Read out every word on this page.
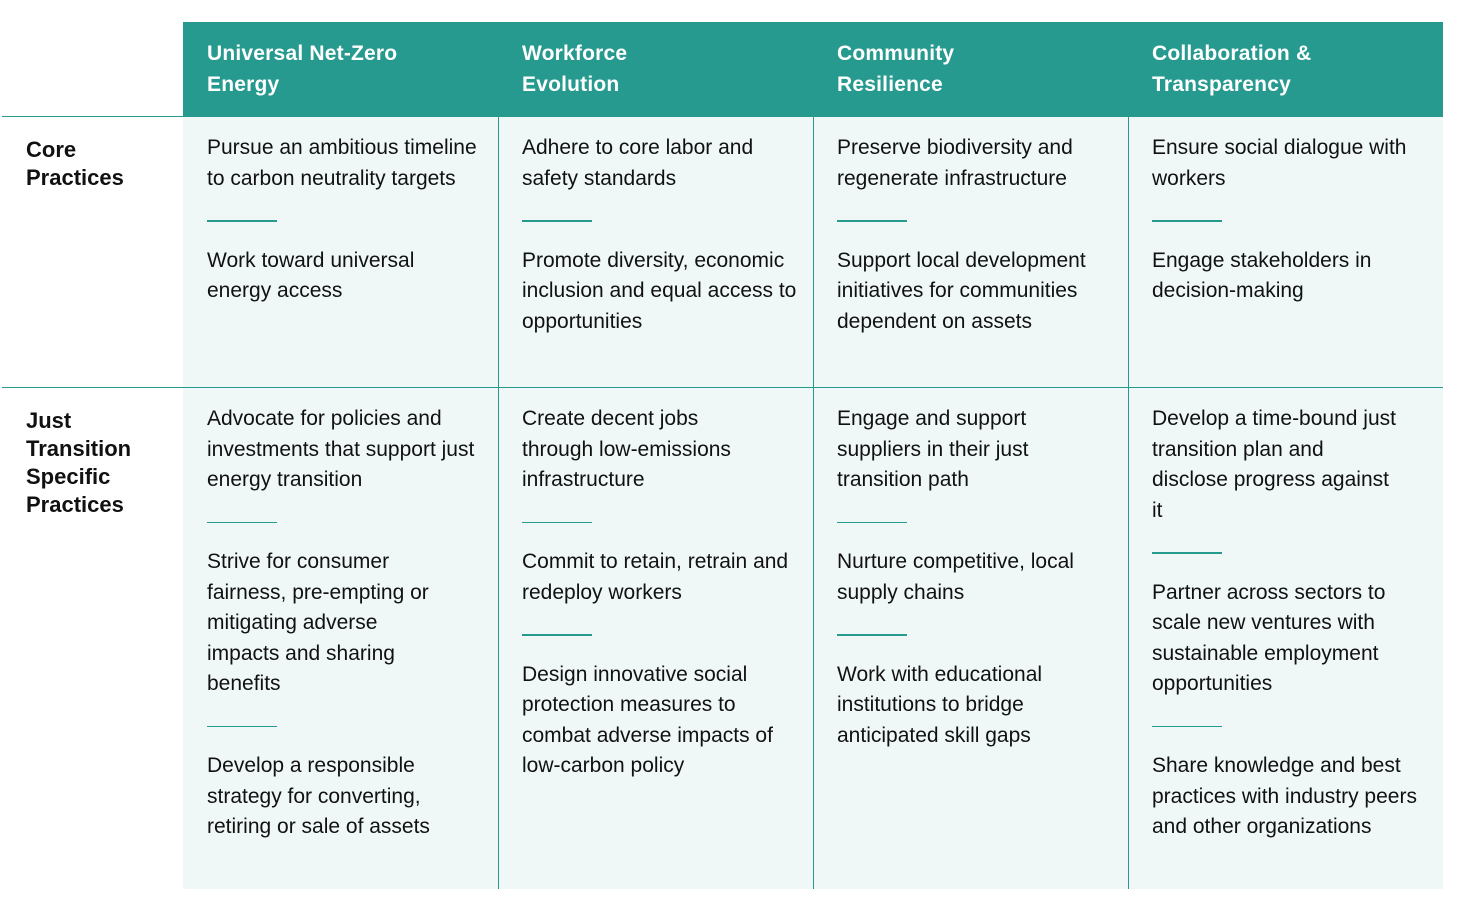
Universal Net-Zero
Energy
Workforce
Evolution
Community
Resilience
Collaboration &
Transparency
Core
Practices
Just
Transition
Specific
Practices

Pursue an ambitious timeline to carbon neutrality targets

Work toward universal energy access

Adhere to core labor and safety standards

Promote diversity, economic inclusion and equal access to opportunities

Preserve biodiversity and regenerate infrastructure

Support local development initiatives for communities dependent on assets

Ensure social dialogue with workers

Engage stakeholders in decision-making

Advocate for policies and investments that support just energy transition

Strive for consumer fairness, pre-empting or mitigating adverse impacts and sharing benefits

Develop a responsible strategy for converting, retiring or sale of assets

Create decent jobs through low-emissions infrastructure

Commit to retain, retrain and redeploy workers

Design innovative social protection measures to combat adverse impacts of low-carbon policy

Engage and support suppliers in their just transition path

Nurture competitive, local supply chains

Work with educational institutions to bridge anticipated skill gaps

Develop a time-bound just transition plan and disclose progress against it

Partner across sectors to scale new ventures with sustainable employment opportunities

Share knowledge and best practices with industry peers and other organizations
